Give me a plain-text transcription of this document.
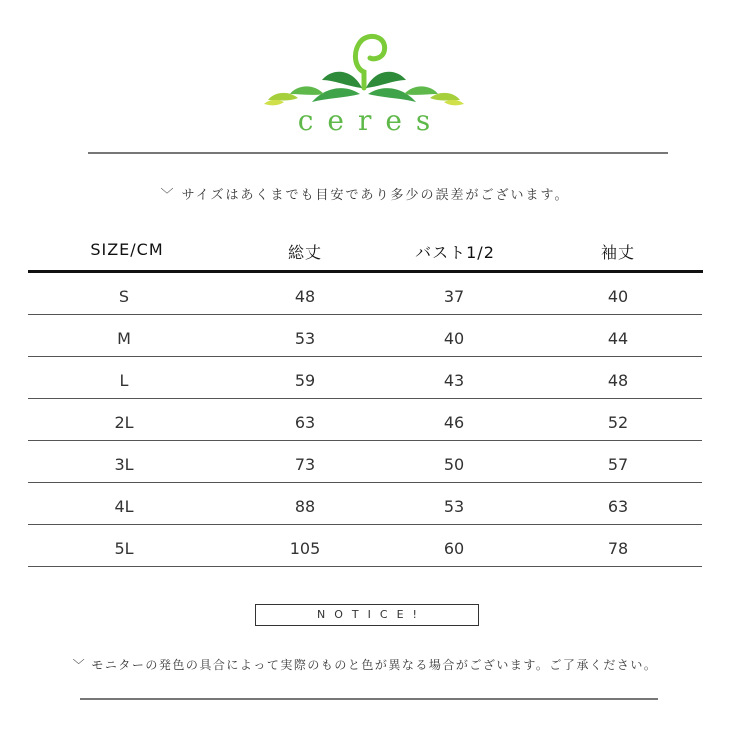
ceres
﹀ サイズはあくまでも目安であり多少の誤差がございます。
SIZE/CM	総丈	バスト1/2	袖丈
S	48	37	40
M	53	40	44
L	59	43	48
2L	63	46	52
3L	73	50	57
4L	88	53	63
5L	105	60	78
NOTICE!
﹀ モニターの発色の具合によって実際のものと色が異なる場合がございます。ご了承ください。
